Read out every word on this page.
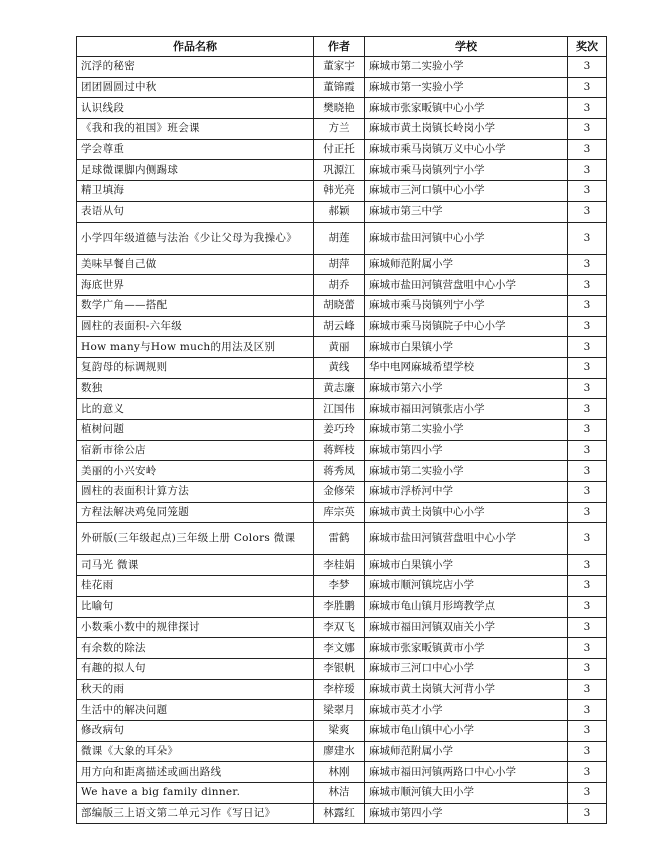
作品名称	作者	学校	奖次
沉浮的秘密	董家宇	麻城市第二实验小学	3
团团圆圆过中秋	董锦霞	麻城市第一实验小学	3
认识线段	樊晓艳	麻城市张家畈镇中心小学	3
《我和我的祖国》班会课	方兰	麻城市黄土岗镇长岭岗小学	3
学会尊重	付正托	麻城市乘马岗镇万义中心小学	3
足球微课脚内侧踢球	巩源江	麻城市乘马岗镇列宁小学	3
精卫填海	韩光亮	麻城市三河口镇中心小学	3
表语从句	郝颖	麻城市第三中学	3
小学四年级道德与法治《少让父母为我操心》	胡莲	麻城市盐田河镇中心小学	3
美味早餐自己做	胡萍	麻城师范附属小学	3
海底世界	胡乔	麻城市盐田河镇营盘咀中心小学	3
数学广角——搭配	胡晓蕾	麻城市乘马岗镇列宁小学	3
圆柱的表面积-六年级	胡云峰	麻城市乘马岗镇院子中心小学	3
How many与How much的用法及区别	黄丽	麻城市白果镇小学	3
复韵母的标调规则	黄线	华中电网麻城希望学校	3
数独	黄志廉	麻城市第六小学	3
比的意义	江国伟	麻城市福田河镇张店小学	3
植树问题	姜巧玲	麻城市第二实验小学	3
宿新市徐公店	蒋辉枝	麻城市第四小学	3
美丽的小兴安岭	蒋秀凤	麻城市第二实验小学	3
圆柱的表面积计算方法	金修荣	麻城市浮桥河中学	3
方程法解决鸡兔同笼题	库宗英	麻城市黄土岗镇中心小学	3
外研版(三年级起点)三年级上册 Colors 微课	雷鹤	麻城市盐田河镇营盘咀中心小学	3
司马光 微课	李桂娟	麻城市白果镇小学	3
桂花雨	李梦	麻城市顺河镇垸店小学	3
比喻句	李胜鹏	麻城市龟山镇月形塆教学点	3
小数乘小数中的规律探讨	李双飞	麻城市福田河镇双庙关小学	3
有余数的除法	李文娜	麻城市张家畈镇黄市小学	3
有趣的拟人句	李银帆	麻城市三河口中心小学	3
秋天的雨	李梓瑷	麻城市黄土岗镇大河背小学	3
生活中的解决问题	梁翠月	麻城市英才小学	3
修改病句	梁爽	麻城市龟山镇中心小学	3
微课《大象的耳朵》	廖建水	麻城师范附属小学	3
用方向和距离描述或画出路线	林刚	麻城市福田河镇两路口中心小学	3
We have a big family dinner.	林洁	麻城市顺河镇大田小学	3
部编版三上语文第二单元习作《写日记》	林露红	麻城市第四小学	3
